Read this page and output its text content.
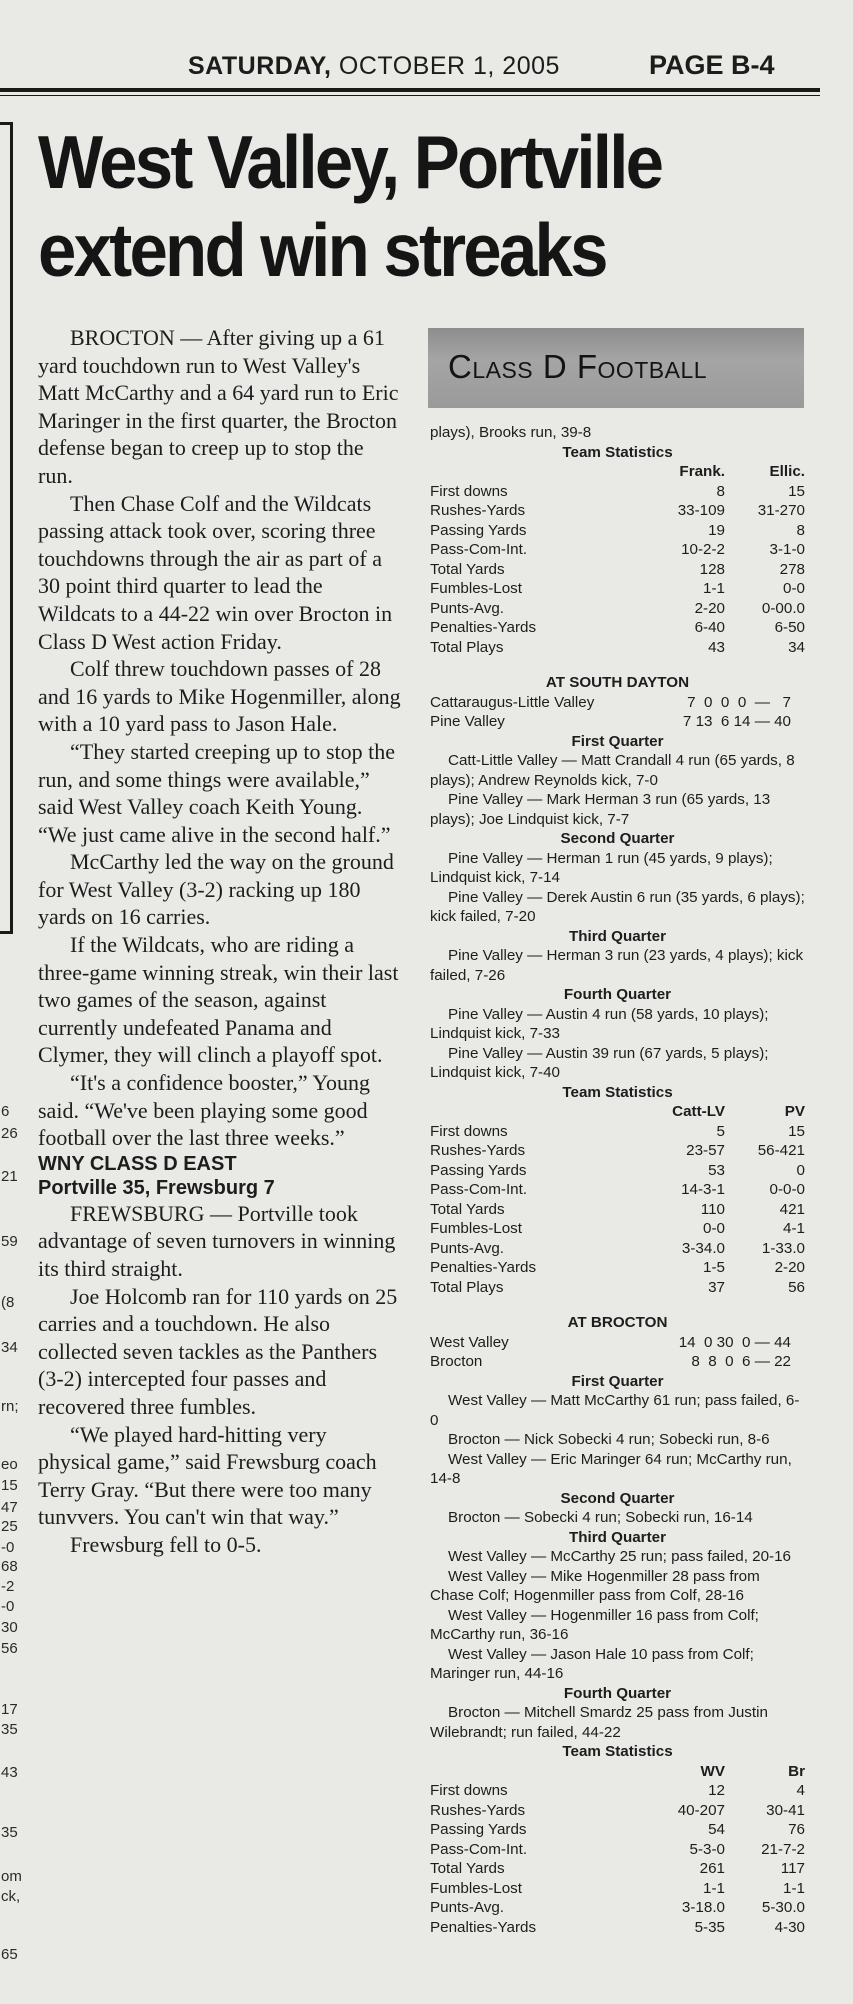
SATURDAY, OCTOBER 1, 2005	PAGE B-4
6
26
21
59
(8
34
rn;
eo
15
47
25
-0
68
-2
-0
30
56
17
35
43
35
om
ck,
65
West Valley, Portville
extend win streaks

BROCTON — After giving up a 61 yard touchdown run to West Valley's Matt McCarthy and a 64 yard run to Eric Maringer in the first quarter, the Brocton defense began to creep up to stop the run.

Then Chase Colf and the Wildcats passing attack took over, scoring three touchdowns through the air as part of a 30 point third quarter to lead the Wildcats to a 44-22 win over Brocton in Class D West action Friday.

Colf threw touchdown passes of 28 and 16 yards to Mike Hogenmiller, along with a 10 yard pass to Jason Hale.

“They started creeping up to stop the run, and some things were available,” said West Valley coach Keith Young. “We just came alive in the second half.”

McCarthy led the way on the ground for West Valley (3-2) racking up 180 yards on 16 carries.

If the Wildcats, who are riding a three-game winning streak, win their last two games of the season, against currently undefeated Panama and Clymer, they will clinch a playoff spot.

“It's a confidence booster,” Young said. “We've been playing some good football over the last three weeks.”

WNY CLASS D EAST

Portville 35, Frewsburg 7

FREWSBURG — Portville took advantage of seven turnovers in winning its third straight.

Joe Holcomb ran for 110 yards on 25 carries and a touchdown. He also collected seven tackles as the Panthers (3-2) intercepted four passes and recovered three fumbles.

“We played hard-hitting very physical game,” said Frewsburg coach Terry Gray. “But there were too many tunvvers. You can't win that way.”

Frewsburg fell to 0-5.

Class D Football
plays), Brooks run, 39-8
Team Statistics
	Frank.	Ellic.
First downs	8	15
Rushes-Yards	33-109	31-270
Passing Yards	19	8
Pass-Com-Int.	10-2-2	3-1-0
Total Yards	128	278
Fumbles-Lost	1-1	0-0
Punts-Avg.	2-20	0-00.0
Penalties-Yards	6-40	6-50
Total Plays	43	34
AT SOUTH DAYTON
Cattaraugus-Little Valley	7  0  0  0  —   7
Pine Valley	7 13  6 14 — 40
First Quarter
Catt-Little Valley — Matt Crandall 4 run (65 yards, 8 plays); Andrew Reynolds kick, 7-0
Pine Valley — Mark Herman 3 run (65 yards, 13 plays); Joe Lindquist kick, 7-7
Second Quarter
Pine Valley — Herman 1 run (45 yards, 9 plays); Lindquist kick, 7-14
Pine Valley — Derek Austin 6 run (35 yards, 6 plays); kick failed, 7-20
Third Quarter
Pine Valley — Herman 3 run (23 yards, 4 plays); kick failed, 7-26
Fourth Quarter
Pine Valley — Austin 4 run (58 yards, 10 plays); Lindquist kick, 7-33
Pine Valley — Austin 39 run (67 yards, 5 plays); Lindquist kick, 7-40
Team Statistics
	Catt-LV	PV
First downs	5	15
Rushes-Yards	23-57	56-421
Passing Yards	53	0
Pass-Com-Int.	14-3-1	0-0-0
Total Yards	110	421
Fumbles-Lost	0-0	4-1
Punts-Avg.	3-34.0	1-33.0
Penalties-Yards	1-5	2-20
Total Plays	37	56
AT BROCTON
West Valley	14  0 30  0 — 44
Brocton	8  8  0  6 — 22
First Quarter
West Valley — Matt McCarthy 61 run; pass failed, 6-0
Brocton — Nick Sobecki 4 run; Sobecki run, 8-6
West Valley — Eric Maringer 64 run; McCarthy run, 14-8
Second Quarter
Brocton — Sobecki 4 run; Sobecki run, 16-14
Third Quarter
West Valley — McCarthy 25 run; pass failed, 20-16
West Valley — Mike Hogenmiller 28 pass from Chase Colf; Hogenmiller pass from Colf, 28-16
West Valley — Hogenmiller 16 pass from Colf; McCarthy run, 36-16
West Valley — Jason Hale 10 pass from Colf; Maringer run, 44-16
Fourth Quarter
Brocton — Mitchell Smardz 25 pass from Justin Wilebrandt; run failed, 44-22
Team Statistics
	WV	Br
First downs	12	4
Rushes-Yards	40-207	30-41
Passing Yards	54	76
Pass-Com-Int.	5-3-0	21-7-2
Total Yards	261	117
Fumbles-Lost	1-1	1-1
Punts-Avg.	3-18.0	5-30.0
Penalties-Yards	5-35	4-30
